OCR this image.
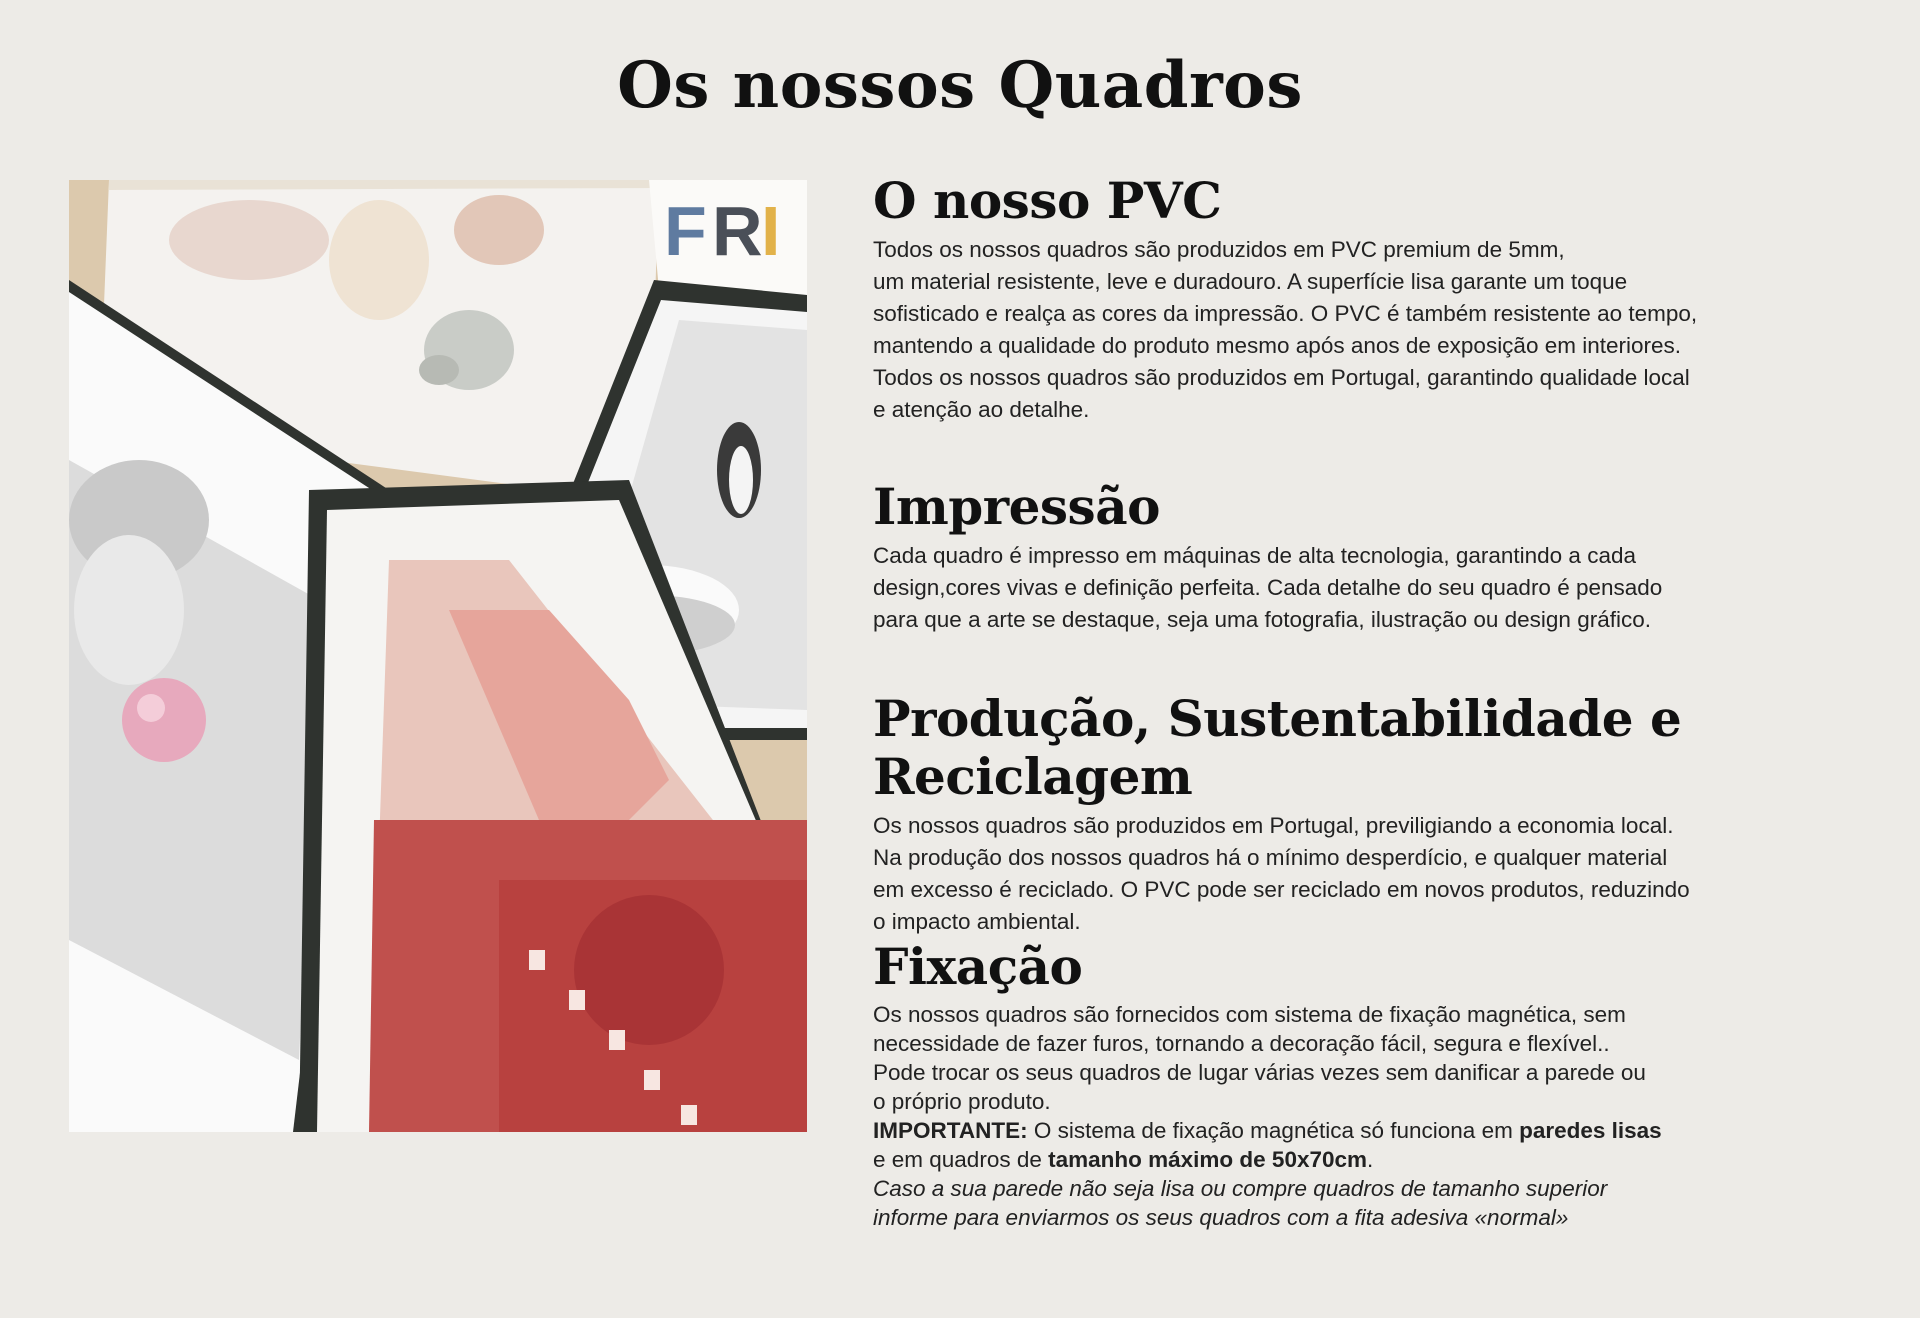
Os nossos Quadros
F R
I O nosso PVC

Todos os nossos quadros são produzidos em PVC premium de 5mm,
um material resistente, leve e duradouro. A superfície lisa garante um toque
sofisticado e realça as cores da impressão. O PVC é também resistente ao tempo,
mantendo a qualidade do produto mesmo após anos de exposição em interiores.
Todos os nossos quadros são produzidos em Portugal, garantindo qualidade local
e atenção ao detalhe.

Impressão

Cada quadro é impresso em máquinas de alta tecnologia, garantindo a cada
design,cores vivas e definição perfeita. Cada detalhe do seu quadro é pensado
para que a arte se destaque, seja uma fotografia, ilustração ou design gráfico.

Produção, Sustentabilidade e Reciclagem

Os nossos quadros são produzidos em Portugal, previligiando a economia local.
Na produção dos nossos quadros há o mínimo desperdício, e qualquer material
em excesso é reciclado. O PVC pode ser reciclado em novos produtos, reduzindo
o impacto ambiental.

Fixação

Os nossos quadros são fornecidos com sistema de fixação magnética, sem
necessidade de fazer furos, tornando a decoração fácil, segura e flexível..
Pode trocar os seus quadros de lugar várias vezes sem danificar a parede ou
o próprio produto.

IMPORTANTE: O sistema de fixação magnética só funciona em paredes lisas
e em quadros de tamanho máximo de 50x70cm.

Caso a sua parede não seja lisa ou compre quadros de tamanho superior
informe para enviarmos os seus quadros com a fita adesiva «normal»
